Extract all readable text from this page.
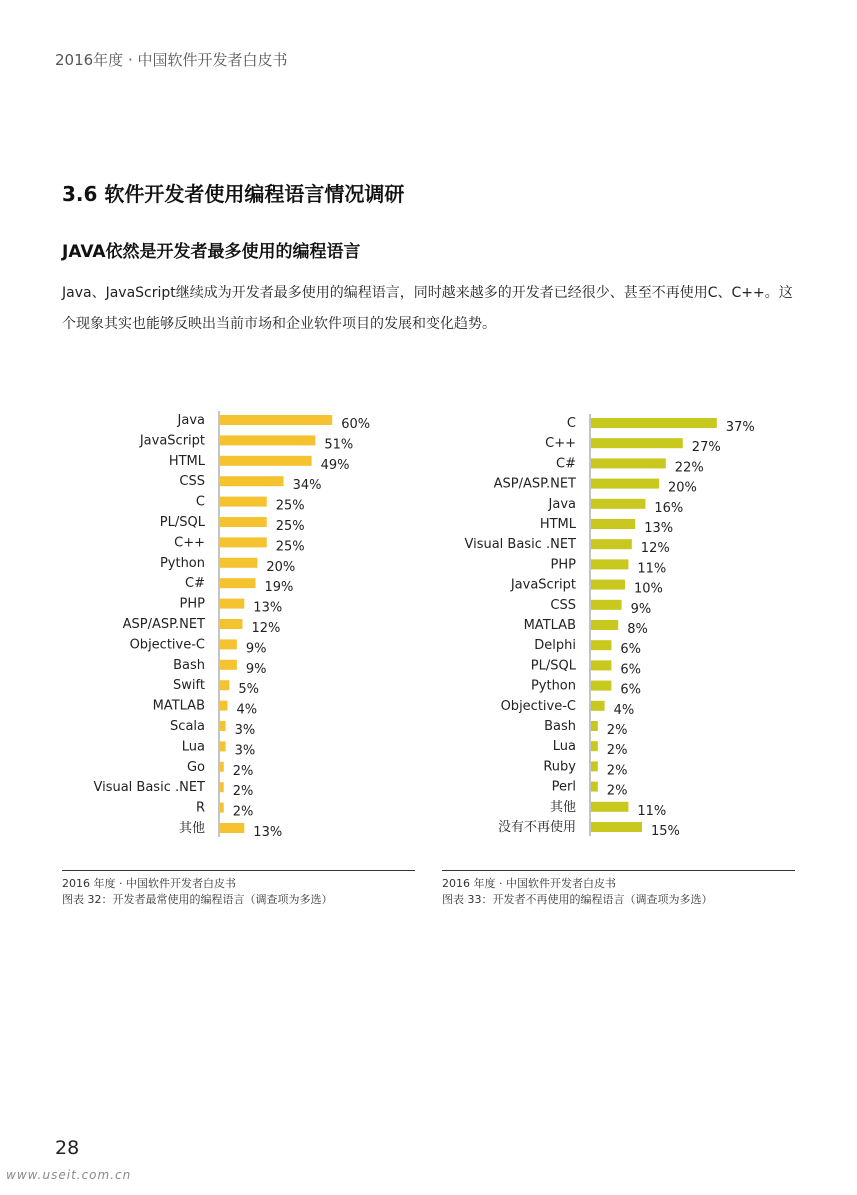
2016年度 · 中国软件开发者白皮书
3.6 软件开发者使用编程语言情况调研
JAVA依然是开发者最多使用的编程语言
Java、JavaScript继续成为开发者最多使用的编程语言，同时越来越多的开发者已经很少、甚至不再使用C、C++。这个现象其实也能够反映出当前市场和企业软件项目的发展和变化趋势。
Java	60%
JavaScript	51%
HTML	49%
CSS	34%
C	25%
PL/SQL	25%
C++	25%
Python	20%
C#	19%
PHP	13%
ASP/ASP.NET	12%
Objective-C	9%
Bash	9%
Swift	5%
MATLAB 4%
Scala 3%
Lua 3%
Go 2%
Visual Basic .NET 2%
R 2%
其他	13%
C	37%
C++	27%
C#	22%
ASP/ASP.NET	20%
Java	16%
HTML	13%
Visual Basic .NET	12%
PHP	11%
JavaScript	10%
CSS	9%
MATLAB	8%
Delphi	6%
PL/SQL	6%
Python	6%
Objective-C	4%
Bash 2%
Lua 2%
Ruby 2%
Perl 2%
其他	11%
没有不再使用	15%
2016 年度 · 中国软件开发者白皮书
图表 32：开发者最常使用的编程语言（调查项为多选）
2016 年度 · 中国软件开发者白皮书
图表 33：开发者不再使用的编程语言（调查项为多选）
28
www.useit.com.cn
